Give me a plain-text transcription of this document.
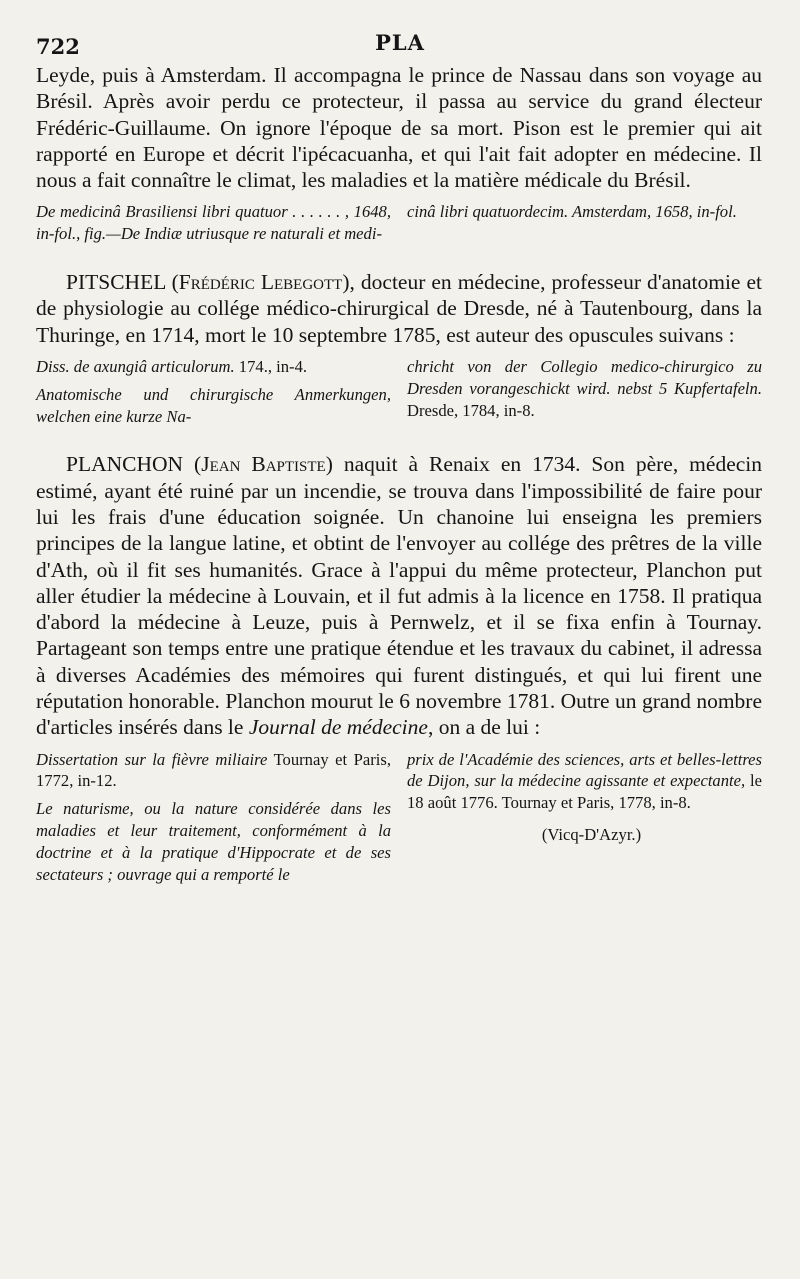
722	PLA

Leyde, puis à Amsterdam. Il accompagna le prince de Nassau dans son voyage au Brésil. Après avoir perdu ce protecteur, il passa au service du grand électeur Frédéric-Guillaume. On ignore l'époque de sa mort. Pison est le premier qui ait rapporté en Europe et décrit l'ipécacuanha, et qui l'ait fait adopter en médecine. Il nous a fait connaître le climat, les maladies et la matière médicale du Brésil.

De medicinâ Brasiliensi libri quatuor . . . . . . , 1648, in-fol., fig.—De Indiæ utriusque re naturali et medi-

cinâ libri quatuordecim. Amsterdam, 1658, in-fol.

PITSCHEL (Frédéric Lebegott), docteur en médecine, professeur d'anatomie et de physiologie au collége médico-chirurgical de Dresde, né à Tautenbourg, dans la Thuringe, en 1714, mort le 10 septembre 1785, est auteur des opuscules suivans :

Diss. de axungiâ articulorum. 174., in-4.

Anatomische und chirurgische Anmerkungen, welchen eine kurze Na-

chricht von der Collegio medico-chirurgico zu Dresden vorangeschickt wird. nebst 5 Kupfertafeln. Dresde, 1784, in-8.

PLANCHON (Jean Baptiste) naquit à Renaix en 1734. Son père, médecin estimé, ayant été ruiné par un incendie, se trouva dans l'impossibilité de faire pour lui les frais d'une éducation soignée. Un chanoine lui enseigna les premiers principes de la langue latine, et obtint de l'envoyer au collége des prêtres de la ville d'Ath, où il fit ses humanités. Grace à l'appui du même protecteur, Planchon put aller étudier la médecine à Louvain, et il fut admis à la licence en 1758. Il pratiqua d'abord la médecine à Leuze, puis à Pernwelz, et il se fixa enfin à Tournay. Partageant son temps entre une pratique étendue et les travaux du cabinet, il adressa à diverses Académies des mémoires qui furent distingués, et qui lui firent une réputation honorable. Planchon mourut le 6 novembre 1781. Outre un grand nombre d'articles insérés dans le Journal de médecine, on a de lui :

Dissertation sur la fièvre miliaire Tournay et Paris, 1772, in-12.

Le naturisme, ou la nature considérée dans les maladies et leur traitement, conformément à la doctrine et à la pratique d'Hippocrate et de ses sectateurs ; ouvrage qui a remporté le

prix de l'Académie des sciences, arts et belles-lettres de Dijon, sur la médecine agissante et expectante, le 18 août 1776. Tournay et Paris, 1778, in-8.

(Vicq-D'Azyr.)
